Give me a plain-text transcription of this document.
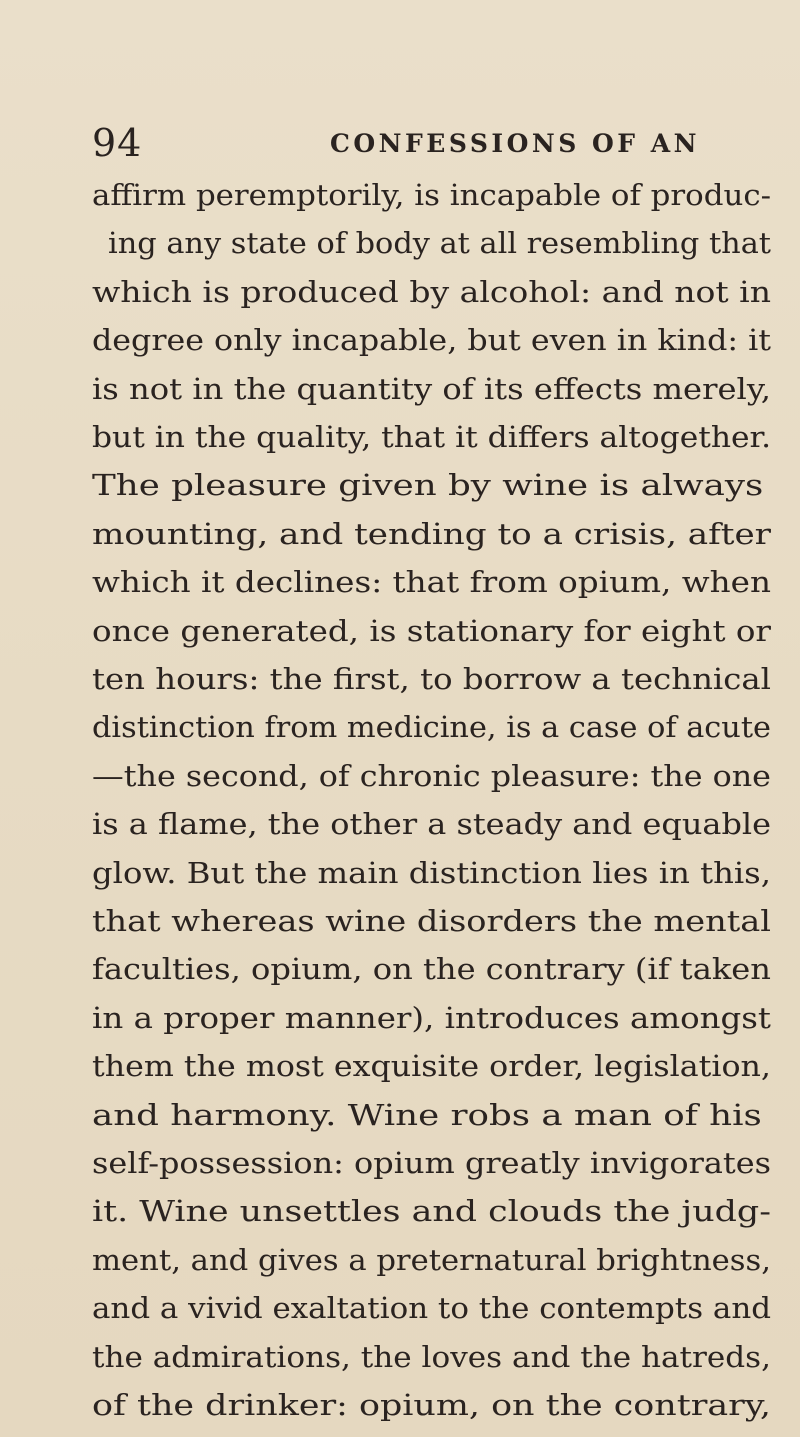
94	CONFESSIONS OF AN
affirm peremptorily, is incapable of produc-
ing any state of body at all resembling that
which is produced by alcohol: and not in
degree only incapable, but even in kind: it
is not in the quantity of its effects merely,
but in the quality, that it differs altogether.
The pleasure given by wine is always
mounting, and tending to a crisis, after
which it declines: that from opium, when
once generated, is stationary for eight or
ten hours: the first, to borrow a technical
distinction from medicine, is a case of acute
—the second, of chronic pleasure: the one
is a flame, the other a steady and equable
glow. But the main distinction lies in this,
that whereas wine disorders the mental
faculties, opium, on the contrary (if taken
in a proper manner), introduces amongst
them the most exquisite order, legislation,
and harmony. Wine robs a man of his
self-possession: opium greatly invigorates
it. Wine unsettles and clouds the judg-
ment, and gives a preternatural brightness,
and a vivid exaltation to the contempts and
the admirations, the loves and the hatreds,
of the drinker: opium, on the contrary,
